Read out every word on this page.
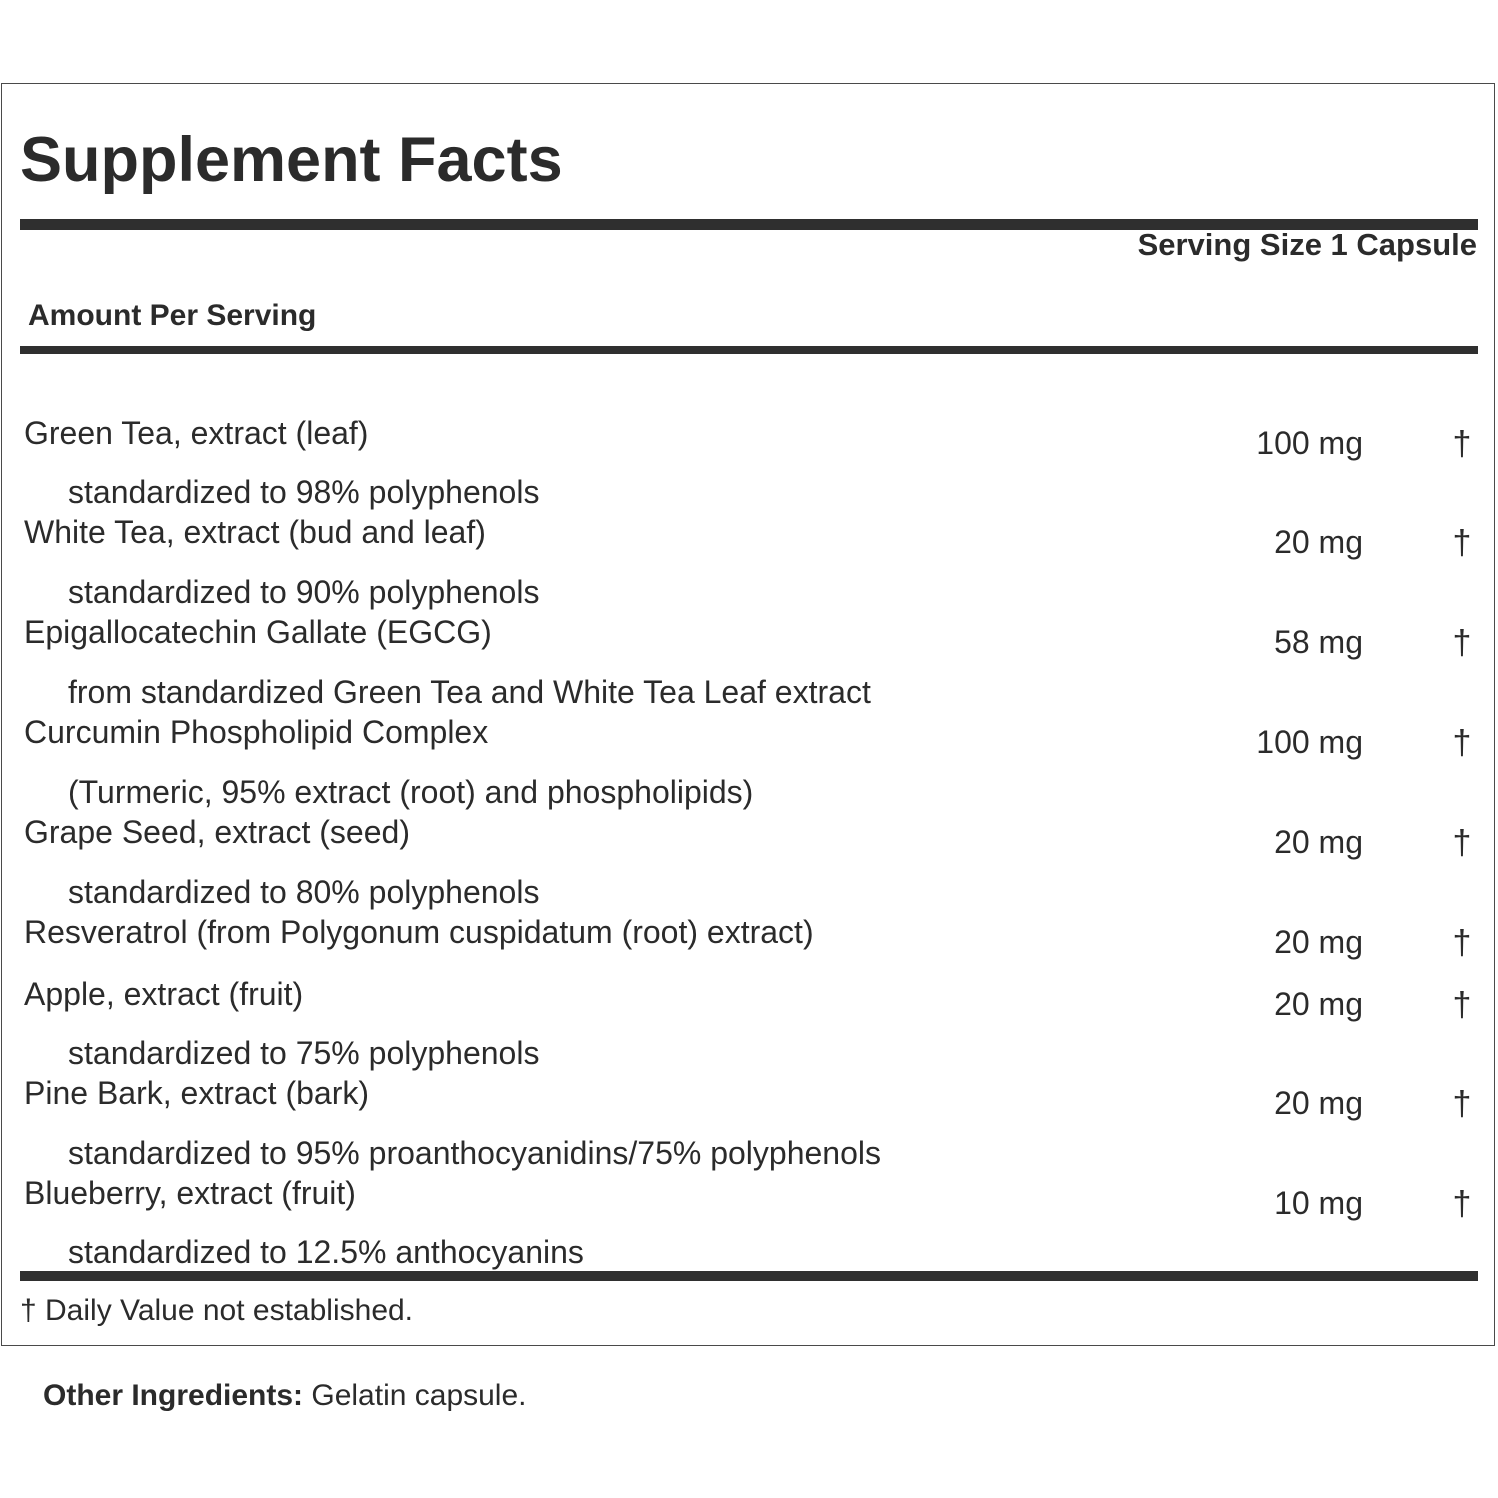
Supplement Facts
Serving Size 1 Capsule
Amount Per Serving
Green Tea, extract (leaf)	100 mg	†
standardized to 98% polyphenols
White Tea, extract (bud and leaf)	20 mg	†
standardized to 90% polyphenols
Epigallocatechin Gallate (EGCG)	58 mg	†
from standardized Green Tea and White Tea Leaf extract
Curcumin Phospholipid Complex	100 mg	†
(Turmeric, 95% extract (root) and phospholipids)
Grape Seed, extract (seed)	20 mg	†
standardized to 80% polyphenols
Resveratrol (from Polygonum cuspidatum (root) extract)	20 mg	†
Apple, extract (fruit)	20 mg	†
standardized to 75% polyphenols
Pine Bark, extract (bark)	20 mg	†
standardized to 95% proanthocyanidins/75% polyphenols
Blueberry, extract (fruit)	10 mg	†
standardized to 12.5% anthocyanins
† Daily Value not established.
Other Ingredients: Gelatin capsule.
